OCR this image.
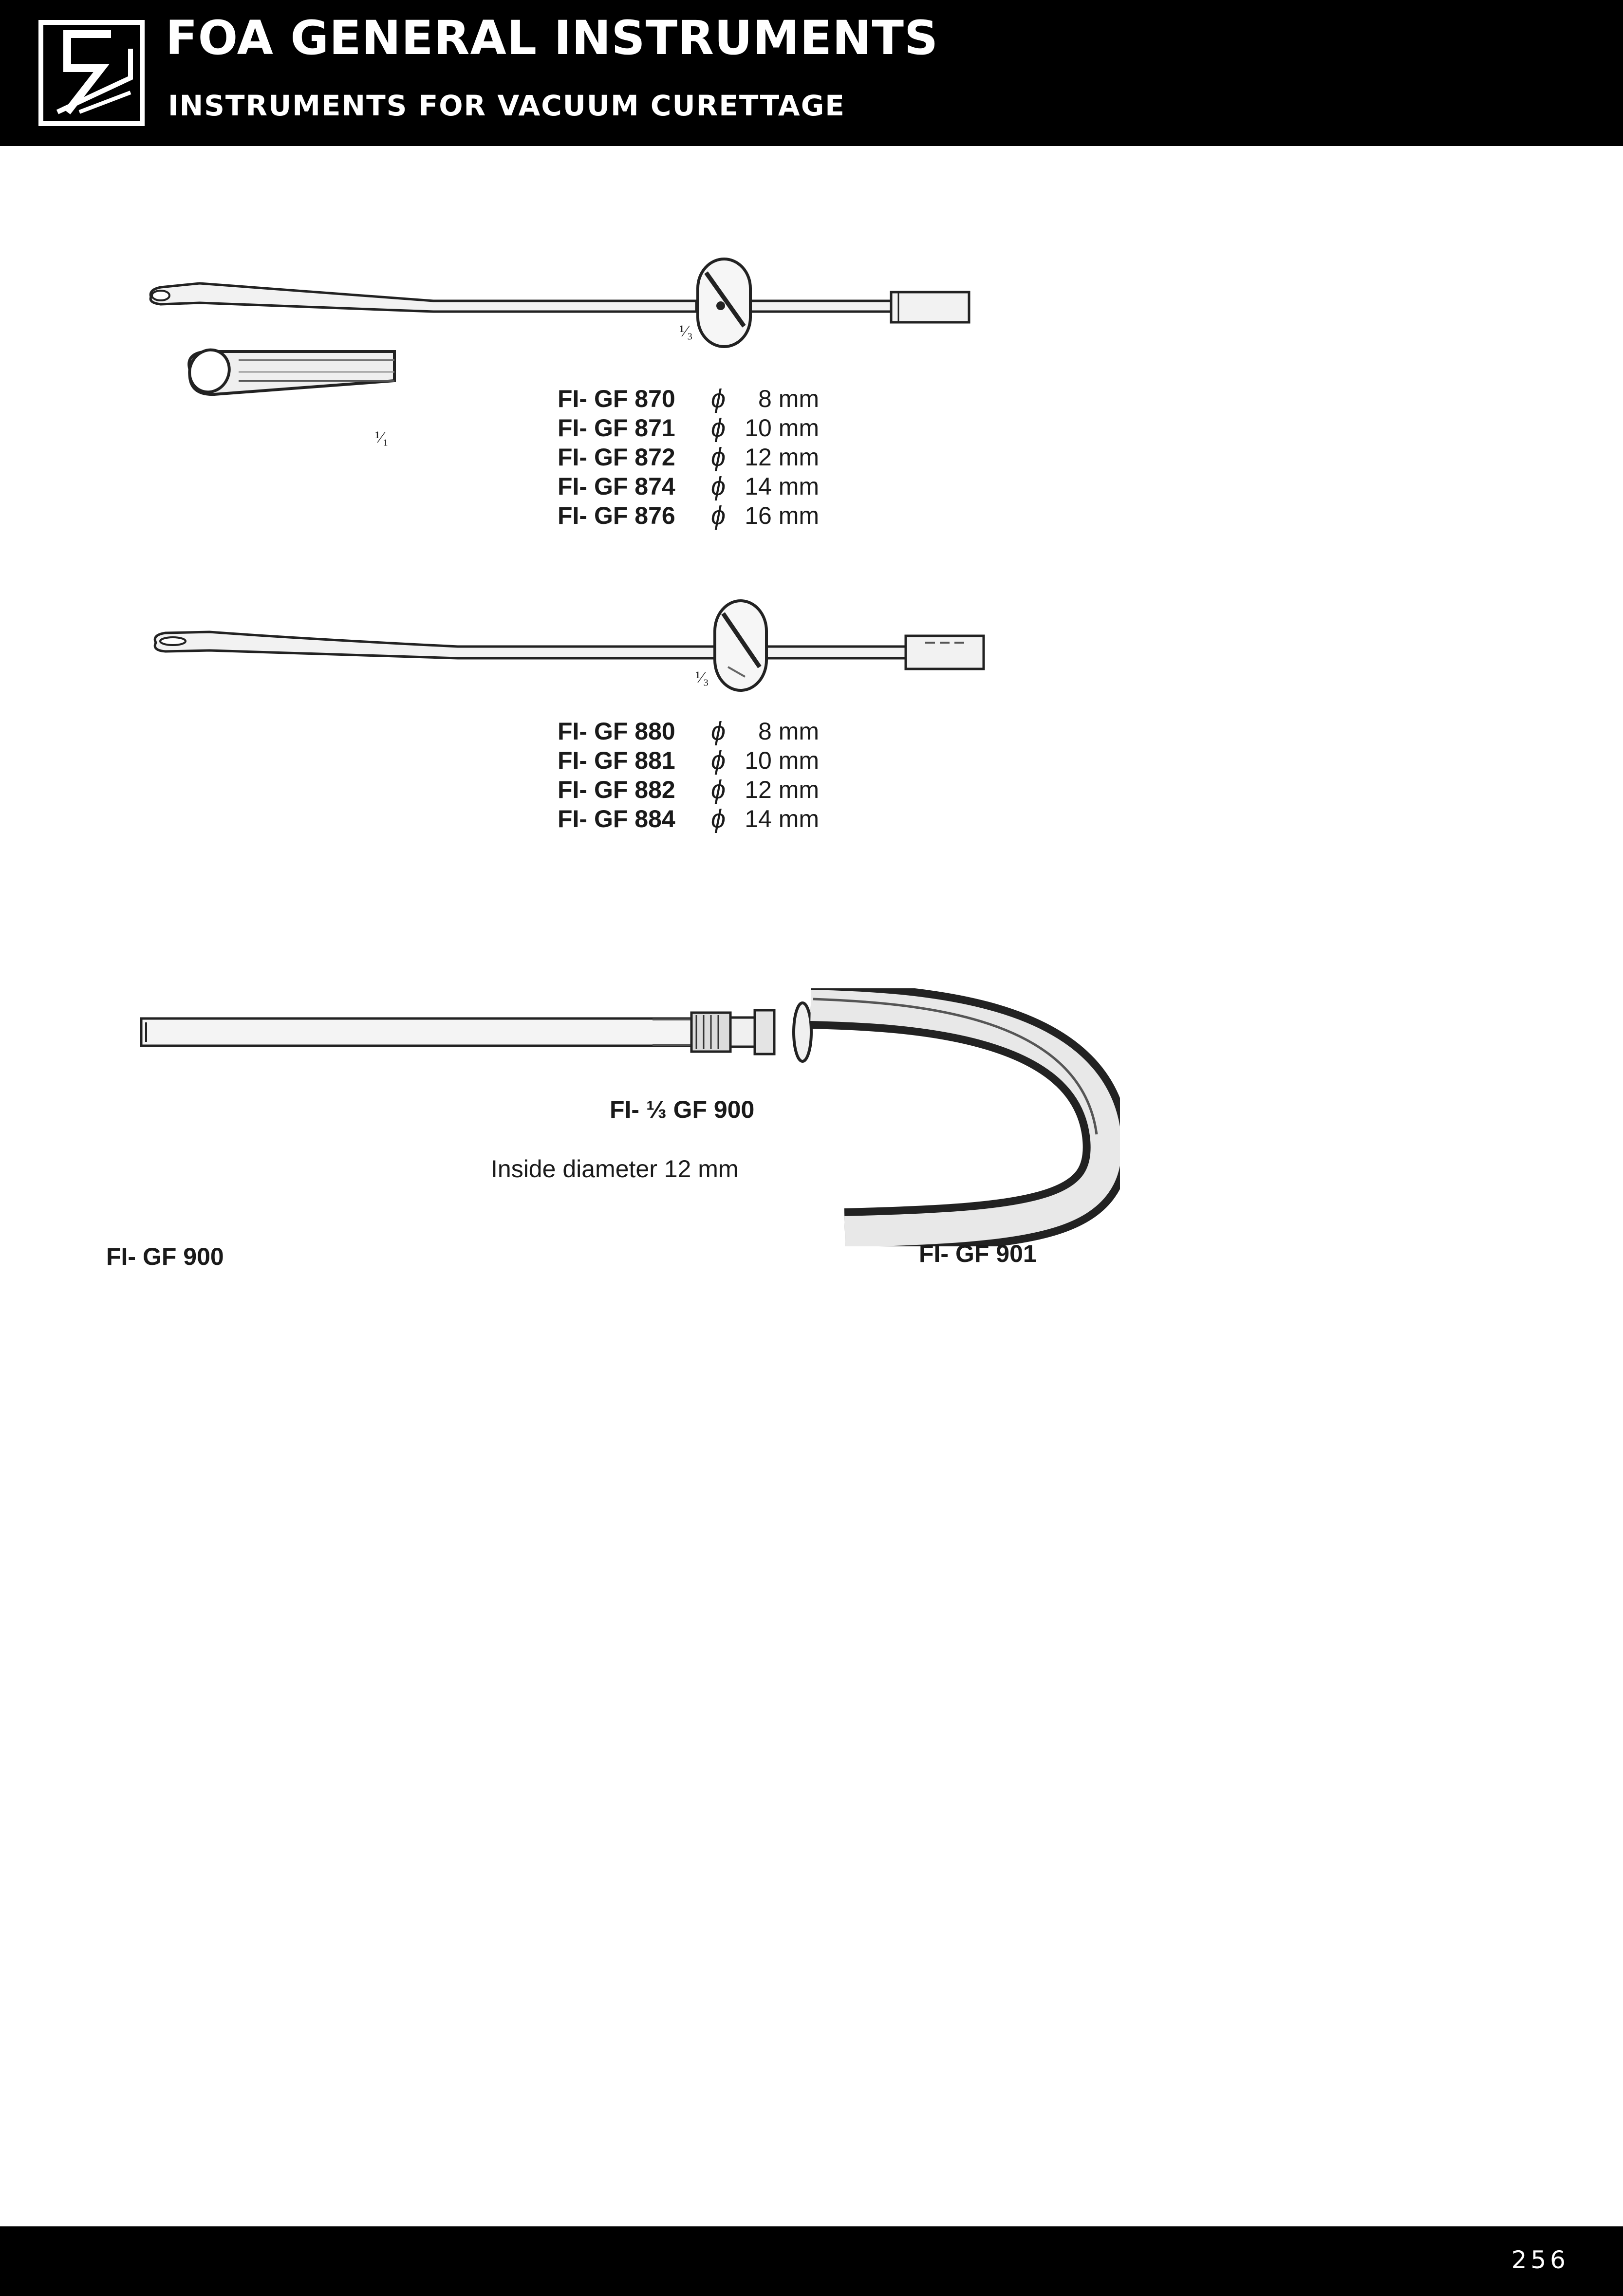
FOA GENERAL INSTRUMENTS
INSTRUMENTS FOR VACUUM CURETTAGE
¹⁄₃
¹⁄₁
FI- GF 870	ϕ	8 mm
FI- GF 871	ϕ 10 mm
FI- GF 872	ϕ 12 mm
FI- GF 874	ϕ 14 mm
FI- GF 876	ϕ 16 mm
¹⁄₃
FI- GF 880	ϕ	8 mm
FI- GF 881	ϕ 10 mm
FI- GF 882	ϕ 12 mm
FI- GF 884	ϕ 14 mm
FI- ⅓ GF 900
Inside diameter 12 mm
FI- GF 900	FI- GF 901
256
